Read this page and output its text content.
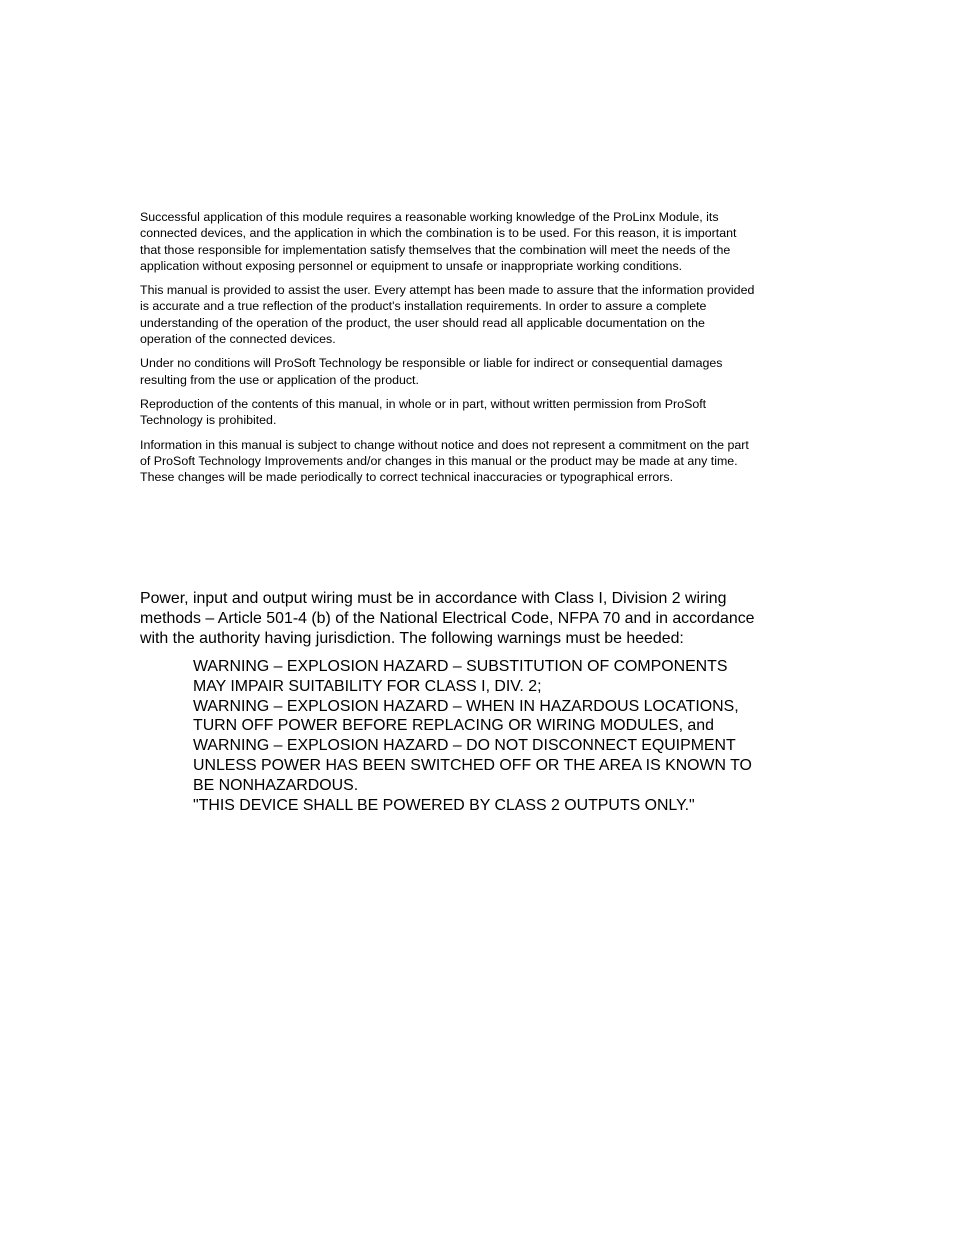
Successful application of this module requires a reasonable working knowledge of the ProLinx Module, its connected devices, and the application in which the combination is to be used. For this reason, it is important that those responsible for implementation satisfy themselves that the combination will meet the needs of the application without exposing personnel or equipment to unsafe or inappropriate working conditions.

This manual is provided to assist the user. Every attempt has been made to assure that the information provided is accurate and a true reflection of the product's installation requirements. In order to assure a complete understanding of the operation of the product, the user should read all applicable documentation on the operation of the connected devices.

Under no conditions will ProSoft Technology be responsible or liable for indirect or consequential damages resulting from the use or application of the product.

Reproduction of the contents of this manual, in whole or in part, without written permission from ProSoft Technology is prohibited.

Information in this manual is subject to change without notice and does not represent a commitment on the part of ProSoft Technology Improvements and/or changes in this manual or the product may be made at any time. These changes will be made periodically to correct technical inaccuracies or typographical errors.

Power, input and output wiring must be in accordance with Class I, Division 2 wiring methods – Article 501-4 (b) of the National Electrical Code, NFPA 70 and in accordance with the authority having jurisdiction. The following warnings must be heeded:

WARNING – EXPLOSION HAZARD – SUBSTITUTION OF COMPONENTS MAY IMPAIR SUITABILITY FOR CLASS I, DIV. 2;
WARNING – EXPLOSION HAZARD – WHEN IN HAZARDOUS LOCATIONS, TURN OFF POWER BEFORE REPLACING OR WIRING MODULES, and
WARNING – EXPLOSION HAZARD – DO NOT DISCONNECT EQUIPMENT UNLESS POWER HAS BEEN SWITCHED OFF OR THE AREA IS KNOWN TO BE NONHAZARDOUS.
"THIS DEVICE SHALL BE POWERED BY CLASS 2 OUTPUTS ONLY."
